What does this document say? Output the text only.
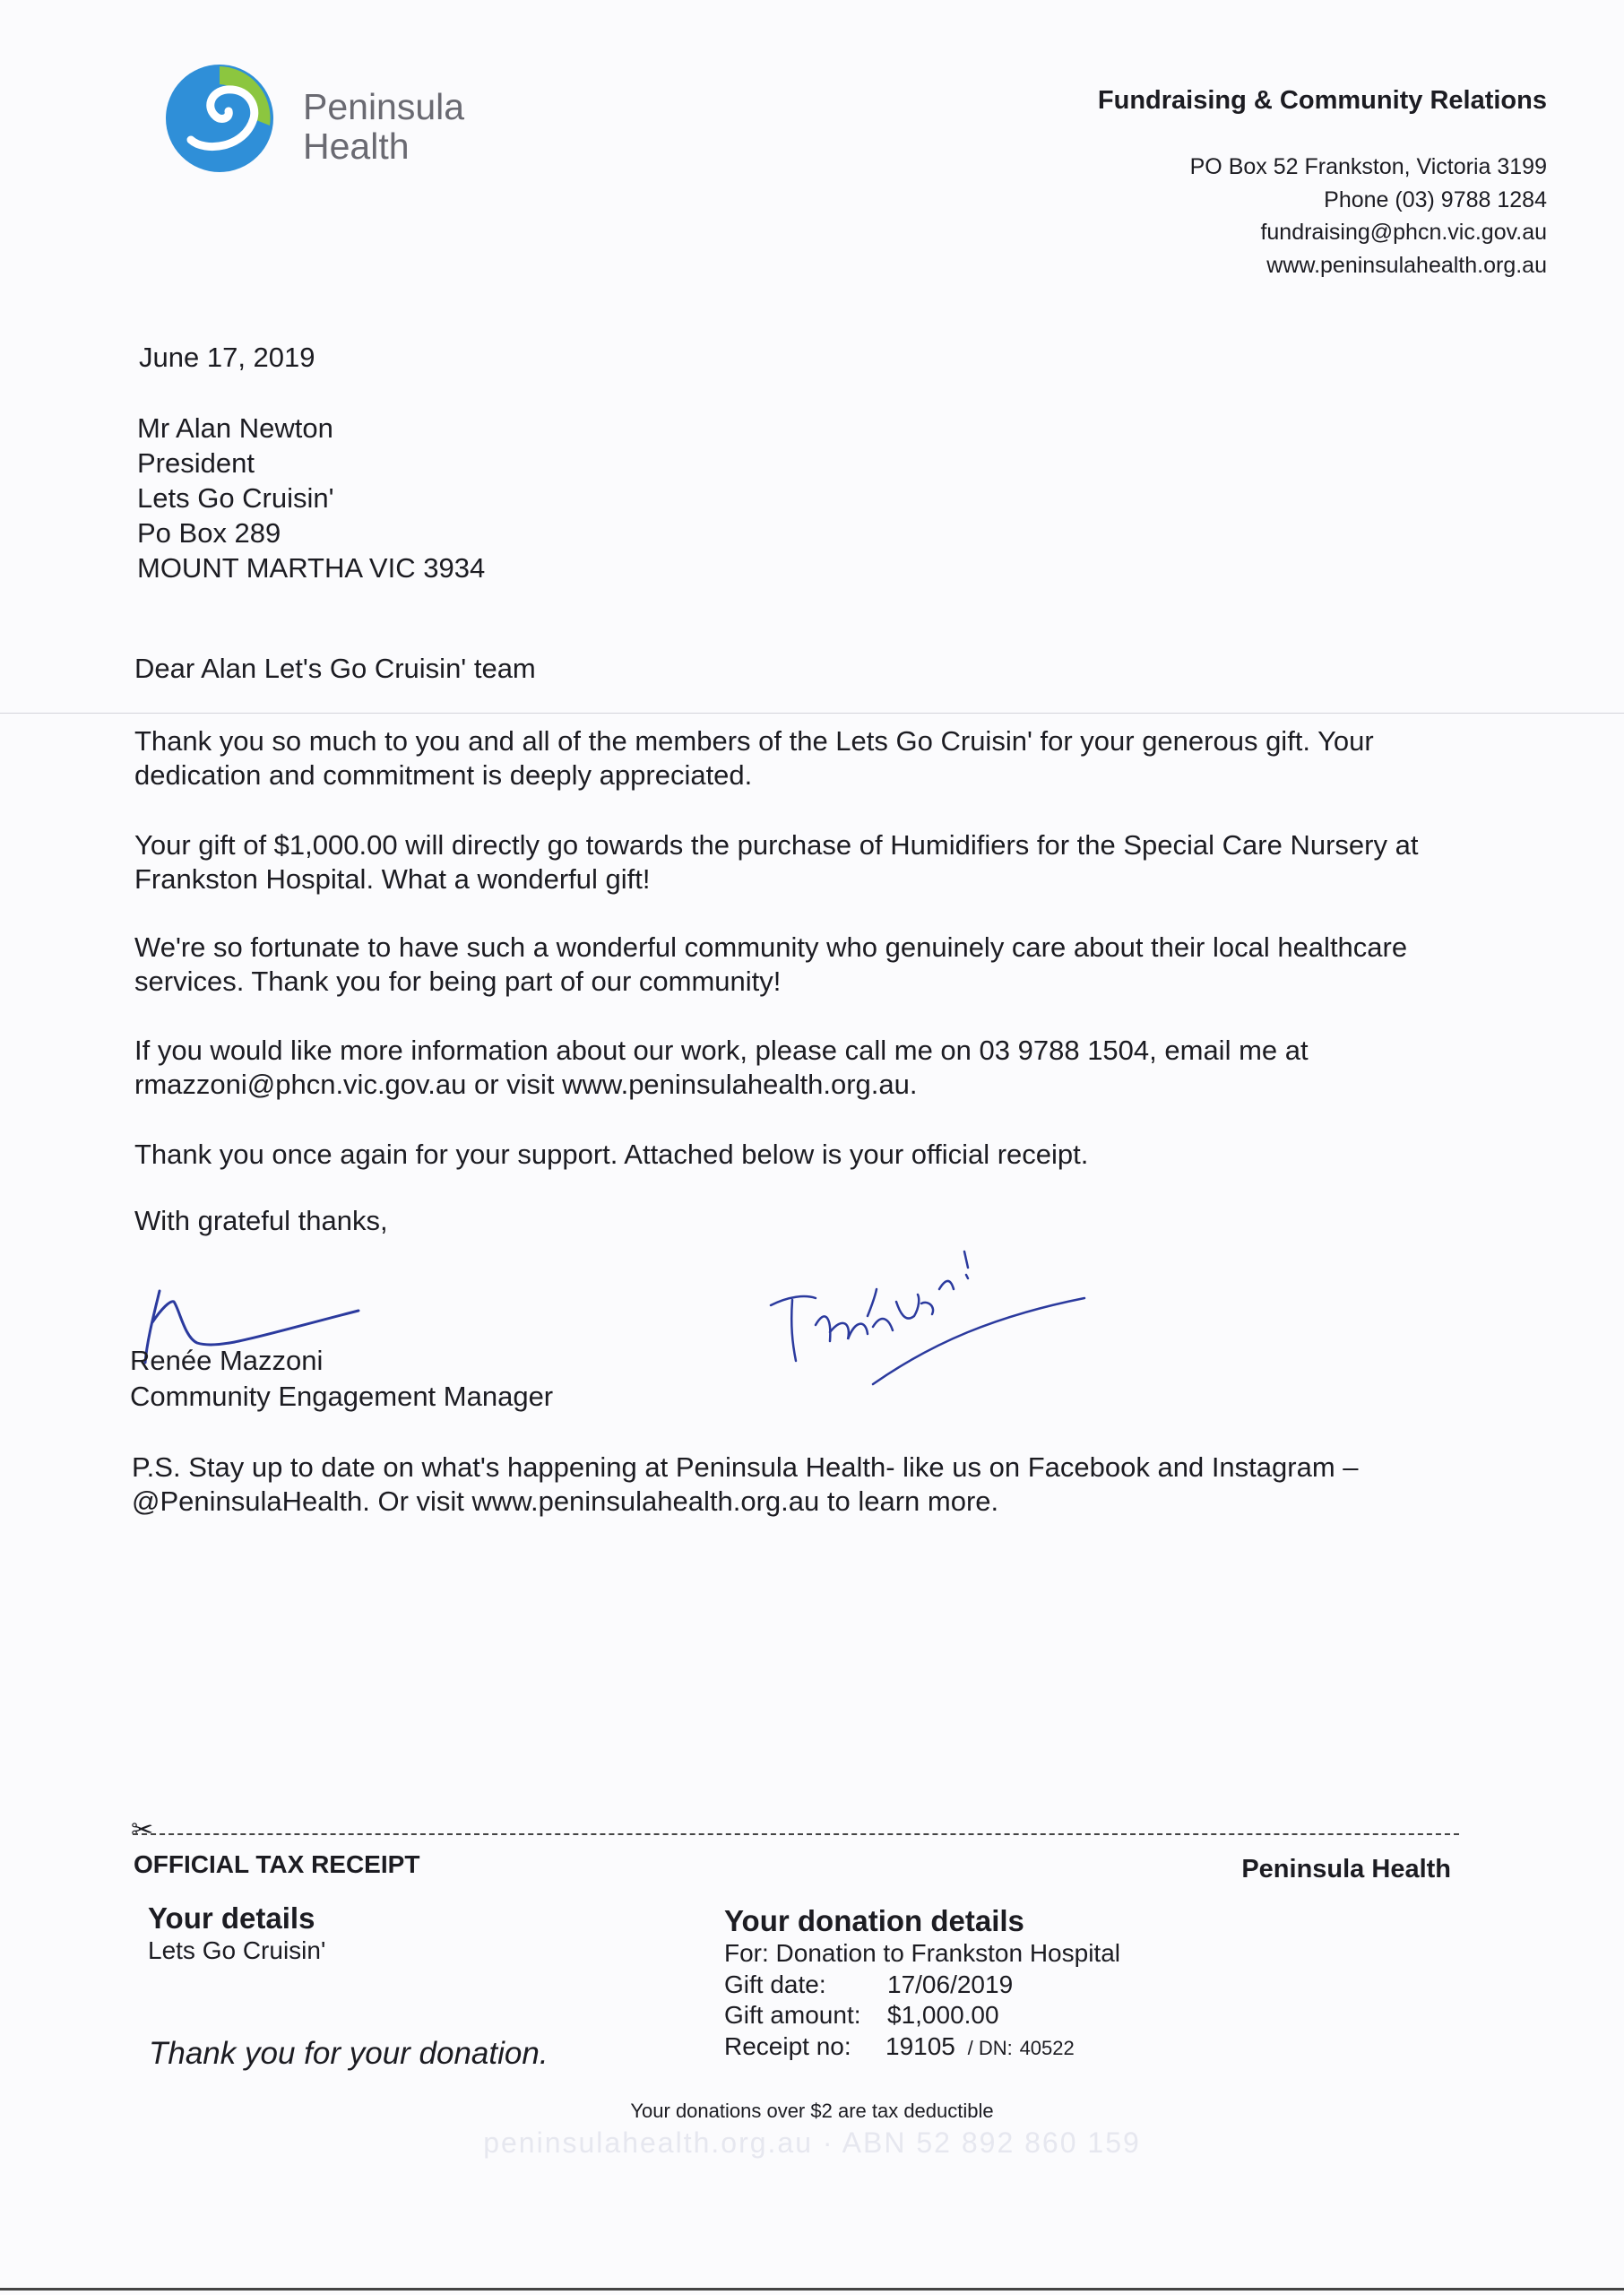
Peninsula
Health
Fundraising & Community Relations
PO Box 52 Frankston, Victoria 3199
Phone (03) 9788 1284
fundraising@phcn.vic.gov.au
www.peninsulahealth.org.au
June 17, 2019
Mr Alan Newton
President
Lets Go Cruisin'
Po Box 289
MOUNT MARTHA VIC 3934
Dear Alan Let's Go Cruisin' team
Thank you so much to you and all of the members of the Lets Go Cruisin' for your generous gift. Your dedication and commitment is deeply appreciated.
Your gift of $1,000.00 will directly go towards the purchase of Humidifiers for the Special Care Nursery at Frankston Hospital. What a wonderful gift!
We're so fortunate to have such a wonderful community who genuinely care about their local healthcare services. Thank you for being part of our community!
If you would like more information about our work, please call me on 03 9788 1504, email me at rmazzoni@phcn.vic.gov.au or visit www.peninsulahealth.org.au.
Thank you once again for your support. Attached below is your official receipt.
With grateful thanks,
Renée Mazzoni
Community Engagement Manager
P.S. Stay up to date on what's happening at Peninsula Health- like us on Facebook and Instagram – @PeninsulaHealth. Or visit www.peninsulahealth.org.au to learn more.
✂
OFFICIAL TAX RECEIPT	Peninsula Health
Your details
Lets Go Cruisin'
Thank you for your donation.
Your donation details
For: Donation to Frankston Hospital
Gift date: 17/06/2019
Gift amount: $1,000.00
Receipt no: 19105 / DN: 40522
Your donations over $2 are tax deductible
peninsulahealth.org.au · ABN 52 892 860 159
